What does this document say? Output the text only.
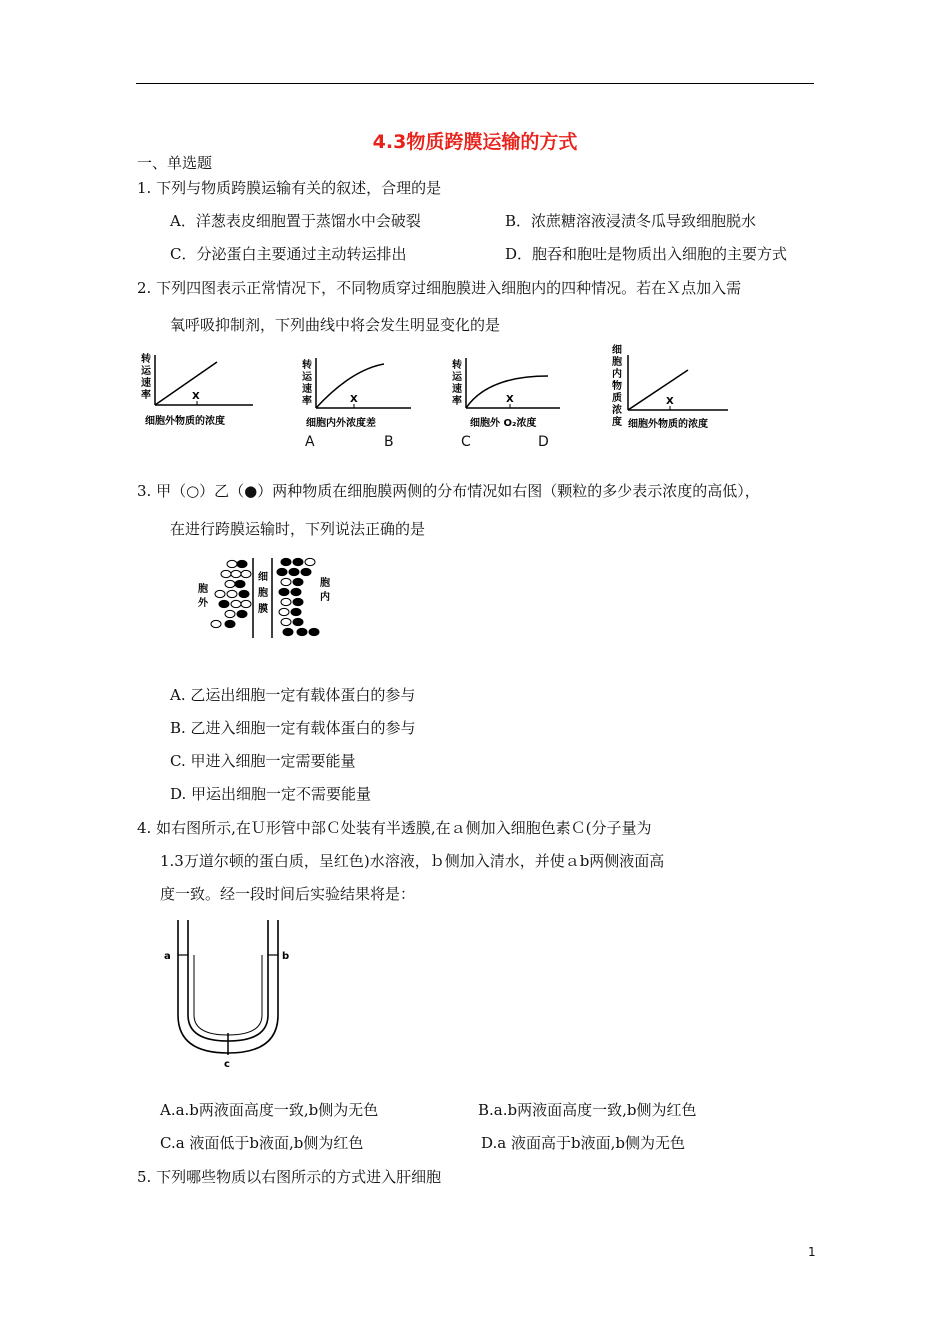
4.3物质跨膜运输的方式
一、单选题
1. 下列与物质跨膜运输有关的叙述，合理的是
A．洋葱表皮细胞置于蒸馏水中会破裂	B．浓蔗糖溶液浸渍冬瓜导致细胞脱水
C．分泌蛋白主要通过主动转运排出	D．胞吞和胞吐是物质出入细胞的主要方式
2. 下列四图表示正常情况下，不同物质穿过细胞膜进入细胞内的四种情况。若在Ｘ点加入需
氧呼吸抑制剂，下列曲线中将会发生明显变化的是
转
运
速
率	X
细胞外物质的浓度
转
运
速
率	X
细胞内外浓度差
转
运
速
率	X
细胞外 O₂浓度
细
胞
内
物
质
浓
度
X
细胞外物质的浓度
A	B	C	D
3. 甲（○）乙（●）两种物质在细胞膜两侧的分布情况如右图（颗粒的多少表示浓度的高低），
在进行跨膜运输时，下列说法正确的是
胞
外
细
胞
膜
胞
内
A. 乙运出细胞一定有载体蛋白的参与
B. 乙进入细胞一定有载体蛋白的参与
C. 甲进入细胞一定需要能量
D. 甲运出细胞一定不需要能量
4. 如右图所示,在Ｕ形管中部Ｃ处装有半透膜,在ａ侧加入细胞色素Ｃ(分子量为
1.3万道尔顿的蛋白质，呈红色)水溶液，ｂ侧加入清水，并使ａb两侧液面高
度一致。经一段时间后实验结果将是：
a	b
c
A.a.b两液面高度一致,b侧为无色	B.a.b两液面高度一致,b侧为红色
C.a 液面低于b液面,b侧为红色	D.a 液面高于b液面,b侧为无色
5. 下列哪些物质以右图所示的方式进入肝细胞
1
